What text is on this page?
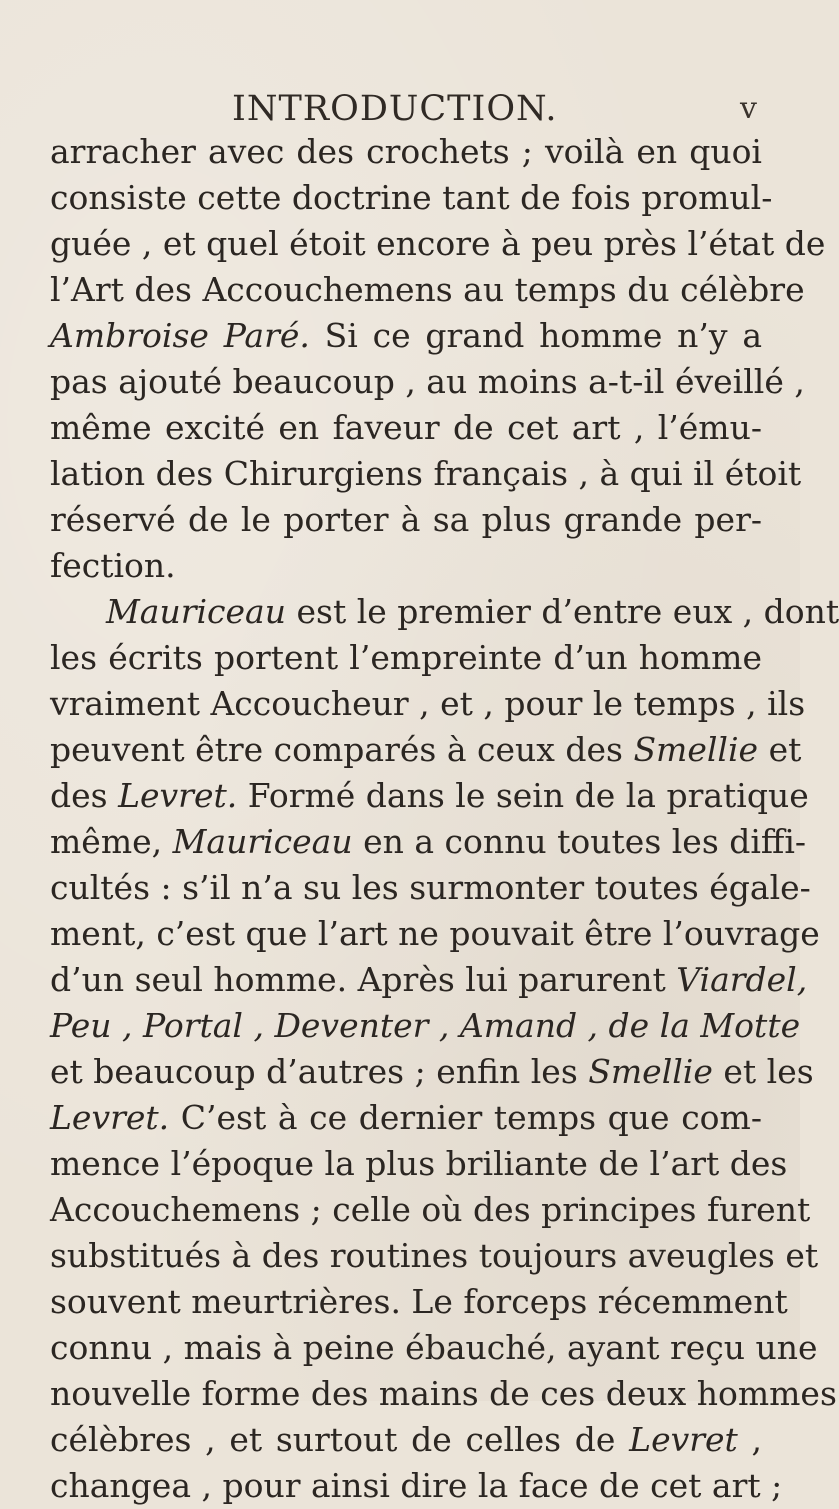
INTRODUCTION.	v
arracher avec des crochets ; voilà en quoi
consiste cette doctrine tant de fois promul-
guée , et quel étoit encore à peu près l’état de
l’Art des Accouchemens au temps du célèbre
Ambroise Paré. Si ce grand homme n’y a
pas ajouté beaucoup , au moins a-t-il éveillé ,
même excité en faveur de cet art , l’ému-
lation des Chirurgiens français , à qui il étoit
réservé de le porter à sa plus grande per-
fection.
Mauriceau est le premier d’entre eux , dont
les écrits portent l’empreinte d’un homme
vraiment Accoucheur , et , pour le temps , ils
peuvent être comparés à ceux des Smellie et
des Levret. Formé dans le sein de la pratique
même, Mauriceau en a connu toutes les diffi-
cultés : s’il n’a su les surmonter toutes égale-
ment, c’est que l’art ne pouvait être l’ouvrage
d’un seul homme. Après lui parurent Viardel,
Peu , Portal , Deventer , Amand , de la Motte
et beaucoup d’autres ; enfin les Smellie et les
Levret. C’est à ce dernier temps que com-
mence l’époque la plus briliante de l’art des
Accouchemens ; celle où des principes furent
substitués à des routines toujours aveugles et
souvent meurtrières. Le forceps récemment
connu , mais à peine ébauché, ayant reçu une
nouvelle forme des mains de ces deux hommes
célèbres , et surtout de celles de Levret ,
changea , pour ainsi dire la face de cet art ;
